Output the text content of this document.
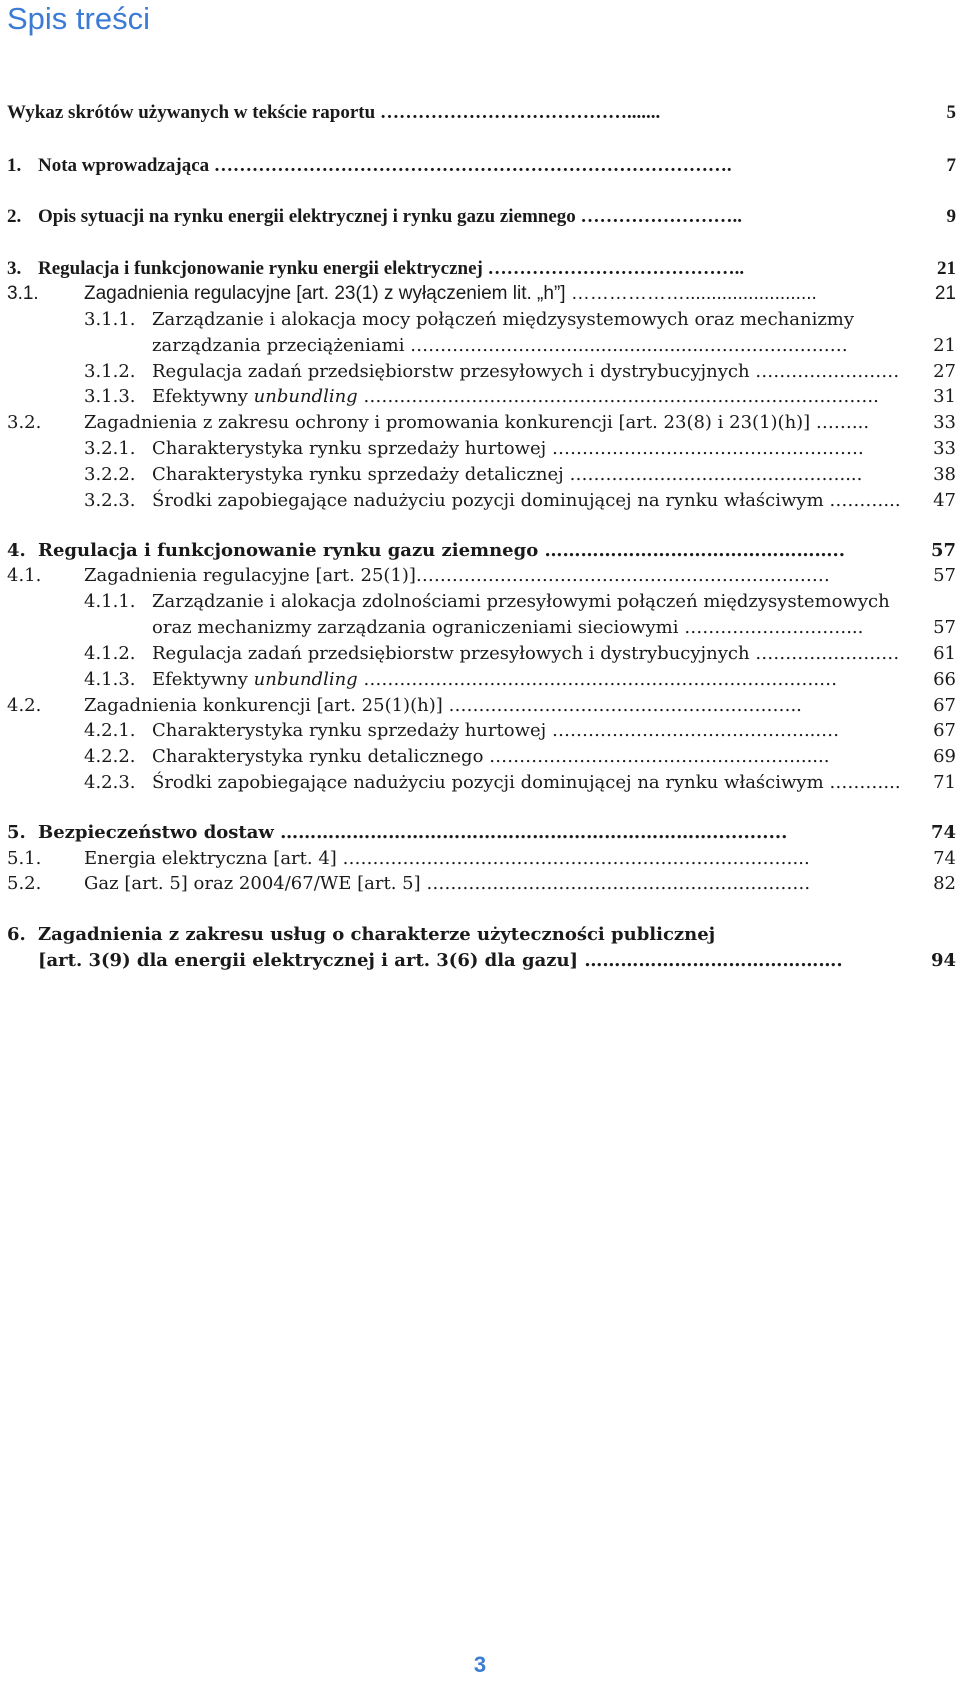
Spis treści
Wykaz skrótów używanych w tekście raportu ………………………………….......	5
1. Nota wprowadzająca ……………………………………………………………………….	7
2. Opis sytuacji na rynku energii elektrycznej i rynku gazu ziemnego ……………………..	9
3. Regulacja i funkcjonowanie rynku energii elektrycznej …………………………………..	21
3.1. Zagadnienia regulacyjne [art. 23(1) z wyłączeniem lit. „h”] ……………….........................	21
3.1.1. Zarządzanie i alokacja mocy połączeń międzysystemowych oraz mechanizmy
zarządzania przeciążeniami ……………………….......................……………………	21
3.1.2. Regulacja zadań przedsiębiorstw przesyłowych i dystrybucyjnych ……………………	27
3.1.3. Efektywny unbundling …………………………………………………………………………..	31
3.2. Zagadnienia z zakresu ochrony i promowania konkurencji [art. 23(8) i 23(1)(h)] ……...	33
3.2.1. Charakterystyka rynku sprzedaży hurtowej …………………………………………….	33
3.2.2. Charakterystyka rynku sprzedaży detalicznej ………………………………………....	38
3.2.3. Środki zapobiegające nadużyciu pozycji dominującej na rynku właściwym ………...	47
4. Regulacja i funkcjonowanie rynku gazu ziemnego …………………………………………..	57
4.1. Zagadnienia regulacyjne [art. 25(1)]……………………………………………………………	57
4.1.1. Zarządzanie i alokacja zdolnościami przesyłowymi połączeń międzysystemowych
oraz mechanizmy zarządzania ograniczeniami sieciowymi ………………………...	57
4.1.2. Regulacja zadań przedsiębiorstw przesyłowych i dystrybucyjnych ……………………	61
4.1.3. Efektywny unbundling ………………………………………………………………….…	66
4.2. Zagadnienia konkurencji [art. 25(1)(h)] …………………………………………………..	67
4.2.1. Charakterystyka rynku sprzedaży hurtowej ……………………………………...…	67
4.2.2. Charakterystyka rynku detalicznego ……………………………………………......	69
4.2.3. Środki zapobiegające nadużyciu pozycji dominującej na rynku właściwym ………...	71
5. Bezpieczeństwo dostaw ………………………………………………………………............	74
5.1. Energia elektryczna [art. 4] …………………………………………………………………...	74
5.2. Gaz [art. 5] oraz 2004/67/WE [art. 5] ……………………………………………………….	82
6. Zagadnienia z zakresu usług o charakterze użyteczności publicznej
[art. 3(9) dla energii elektrycznej i art. 3(6) dla gazu] …………………………………….	94
3
